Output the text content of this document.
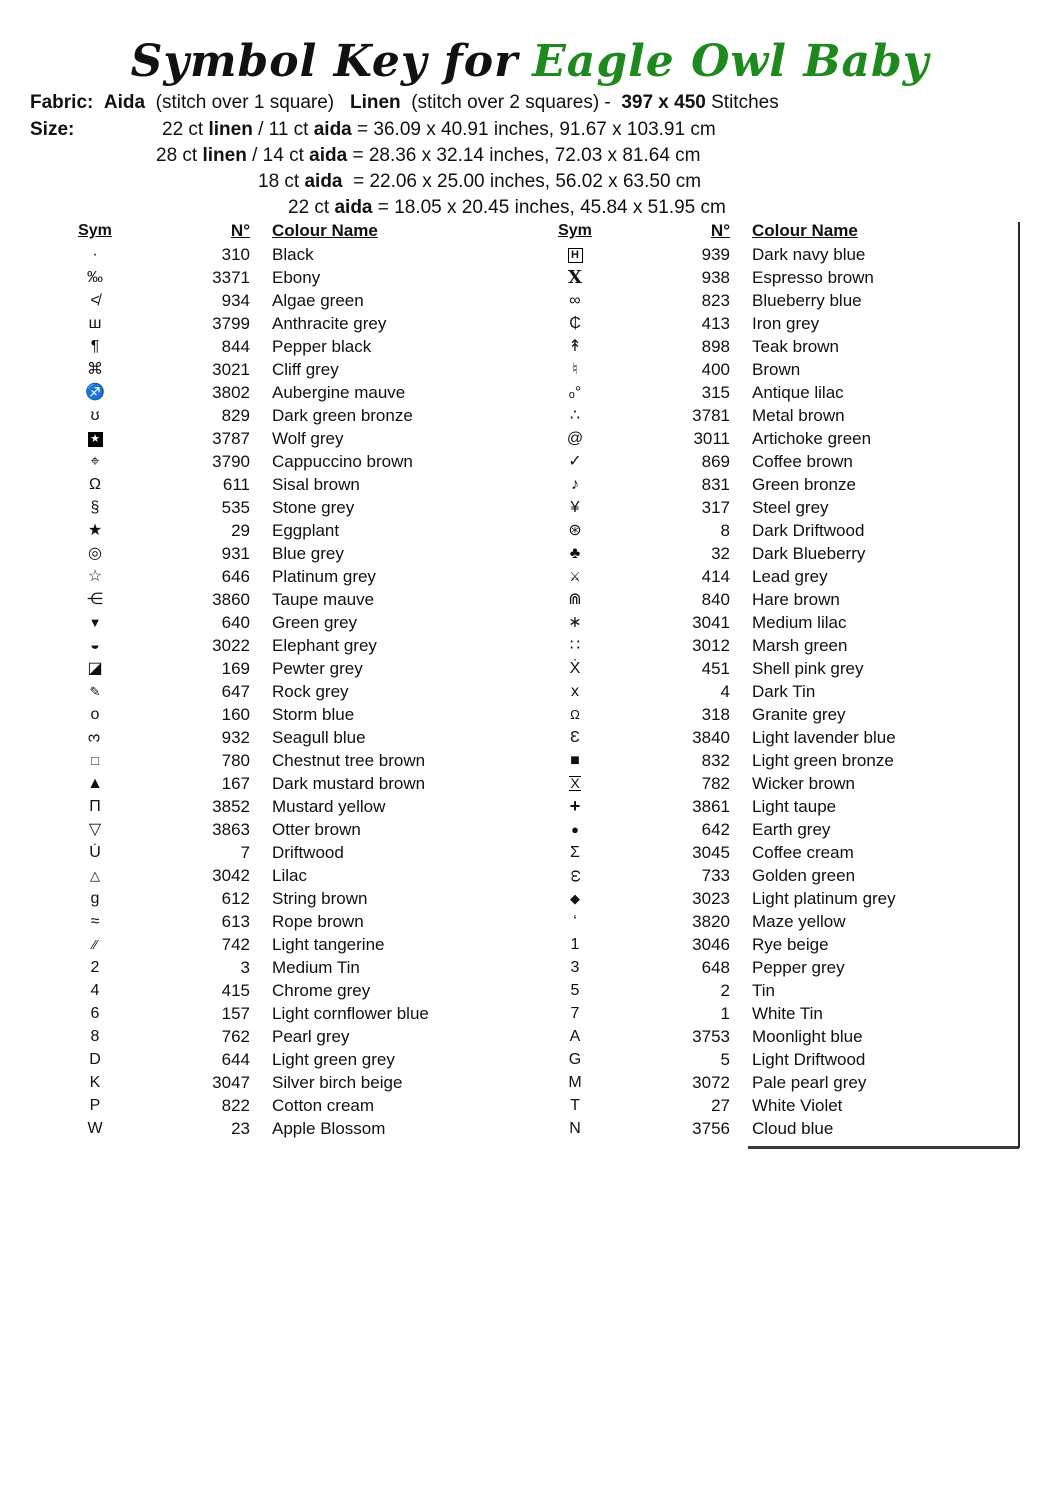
Symbol Key for Eagle Owl Baby
Fabric: Aida  (stitch over 1 square)   Linen  (stitch over 2 squares) -  397 x 450 Stitches
Size:	22 ct linen / 11 ct aida = 36.09 x 40.91 inches, 91.67 x 103.91 cm
28 ct linen / 14 ct aida = 28.36 x 32.14 inches, 72.03 x 81.64 cm
18 ct aida  = 22.06 x 25.00 inches, 56.02 x 63.50 cm
22 ct aida = 18.05 x 20.45 inches, 45.84 x 51.95 cm
Sym	N°	Colour Name
·	310	Black
‰	3371	Ebony
≮	934	Algae green
ш	3799	Anthracite grey
¶	844	Pepper black
⌘	3021	Cliff grey
♐	3802	Aubergine mauve
ʊ	829	Dark green bronze
★	3787	Wolf grey
⌖	3790	Cappuccino brown
Ω	611	Sisal brown
§	535	Stone grey
★	29	Eggplant
◎	931	Blue grey
☆	646	Platinum grey
⋲	3860	Taupe mauve
▼	640	Green grey
◒	3022	Elephant grey
◪	169	Pewter grey
✎	647	Rock grey
o	160	Storm blue
3	932	Seagull blue
□	780	Chestnut tree brown
▲	167	Dark mustard brown
Π	3852	Mustard yellow
▽	3863	Otter brown
U̇	7	Driftwood
△	3042	Lilac
g	612	String brown
≈	613	Rope brown
∕∕	742	Light tangerine
2	3	Medium Tin
4	415	Chrome grey
6	157	Light cornflower blue
8	762	Pearl grey
D	644	Light green grey
K	3047	Silver birch beige
P	822	Cotton cream
W	23	Apple Blossom
Sym	N°	Colour Name
H	939	Dark navy blue
X	938	Espresso brown
∞	823	Blueberry blue
₵	413	Iron grey
↟	898	Teak brown
♮	400	Brown
ₒ°	315	Antique lilac
∴	3781	Metal brown
@	3011	Artichoke green
✓	869	Coffee brown
♪	831	Green bronze
¥	317	Steel grey
⊛	8	Dark Driftwood
♣	32	Dark Blueberry
⚔	414	Lead grey
⋒	840	Hare brown
∗	3041	Medium lilac
∷	3012	Marsh green
Ẋ	451	Shell pink grey
x	4	Dark Tin
Ω	318	Granite grey
Ɛ	3840	Light lavender blue
■	832	Light green bronze
X	782	Wicker brown
+	3861	Light taupe
●	642	Earth grey
Σ	3045	Coffee cream
ω	733	Golden green
◆	3023	Light platinum grey
‘	3820	Maze yellow
1	3046	Rye beige
3	648	Pepper grey
5	2	Tin
7	1	White Tin
A	3753	Moonlight blue
G	5	Light Driftwood
M	3072	Pale pearl grey
T	27	White Violet
N	3756	Cloud blue
